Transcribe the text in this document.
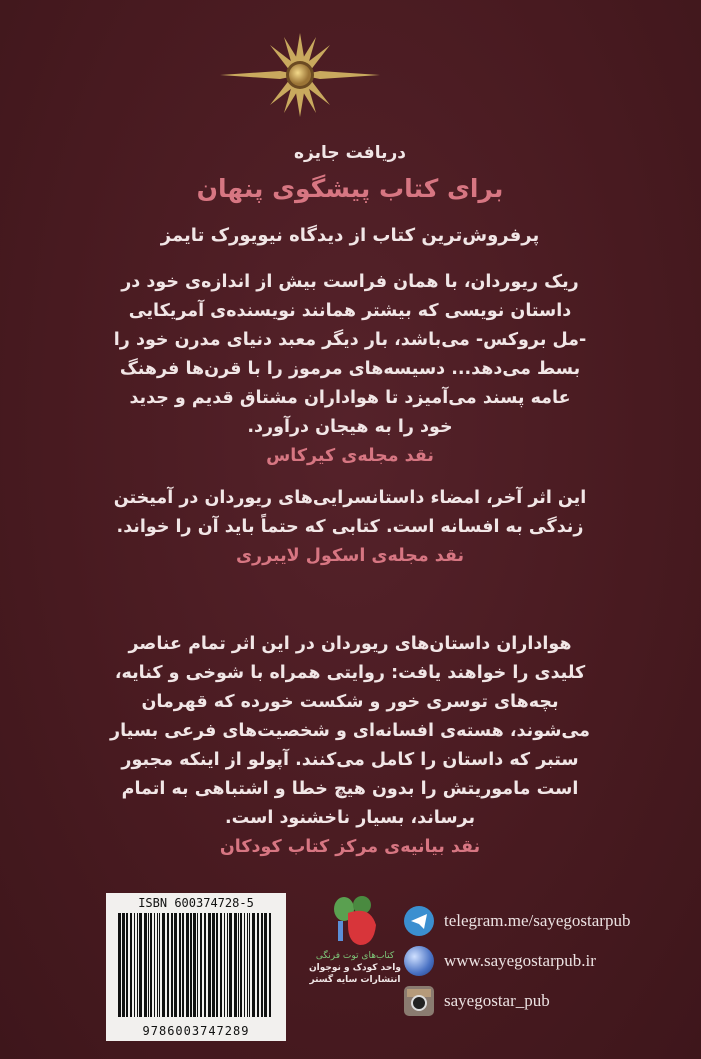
دریافت جایزه
برای کتاب پیشگوی پنهان
پرفروش‌ترین کتاب از دیدگاه نیویورک تایمز
ریک ریوردان، با همان فراست بیش از اندازه‌ی خود در
داستان نویسی که بیشتر همانند نویسنده‌ی آمریکایی
-مل بروکس- می‌باشد، بار دیگر معبد دنیای مدرن خود را
بسط می‌دهد... دسیسه‌های مرموز را با قرن‌ها فرهنگ
عامه پسند می‌آمیزد تا هواداران مشتاق قدیم و جدید
خود را به هیجان درآورد.
نقد مجله‌ی کیرکاس
این اثر آخر، امضاء داستانسرایی‌های ریوردان در آمیختن
زندگی به افسانه است. کتابی که حتماً باید آن را خواند.
نقد مجله‌ی اسکول لایبرری
هواداران داستان‌های ریوردان در این اثر تمام عناصر
کلیدی را خواهند یافت: روایتی همراه با شوخی و کنایه،
بچه‌های توسری خور و شکست خورده که قهرمان
می‌شوند، هسته‌ی افسانه‌ای و شخصیت‌های فرعی بسیار
ستبر که داستان را کامل می‌کنند. آپولو از اینکه مجبور
است ماموریتش را بدون هیچ خطا و اشتباهی به اتمام
برساند، بسیار ناخشنود است.
نقد بیانیه‌ی مرکز کتاب کودکان
ISBN 600374728-5
9786003747289
کتاب‌های توت فرنگی
واحد کودک و نوجوان
انتشارات سایه گستر
telegram.me/sayegostarpub
www.sayegostarpub.ir
sayegostar_pub
